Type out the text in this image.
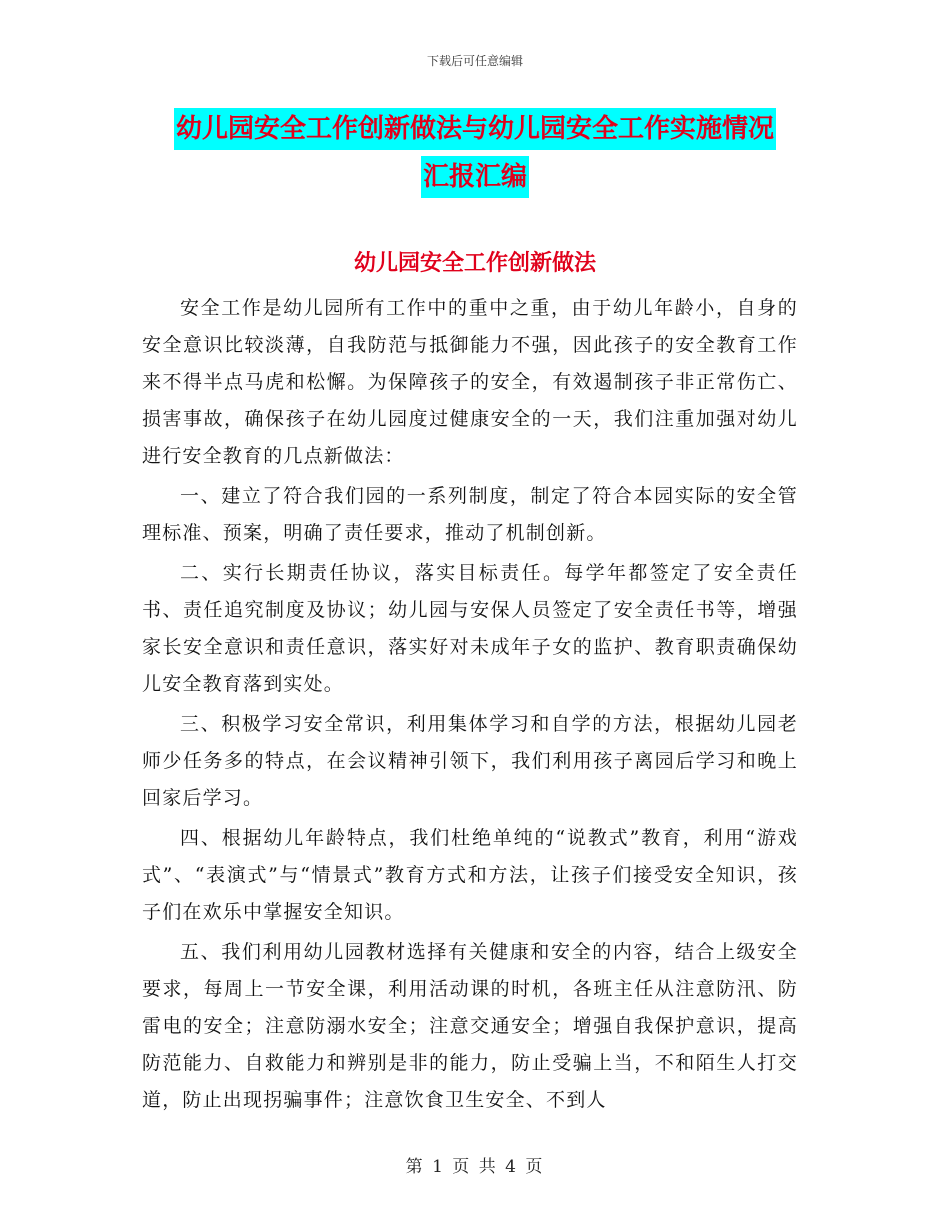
下载后可任意编辑
幼儿园安全工作创新做法与幼儿园安全工作实施情况
汇报汇编
幼儿园安全工作创新做法

安全工作是幼儿园所有工作中的重中之重，由于幼儿年龄小，自身的安全意识比较淡薄，自我防范与抵御能力不强，因此孩子的安全教育工作来不得半点马虎和松懈。为保障孩子的安全，有效遏制孩子非正常伤亡、损害事故，确保孩子在幼儿园度过健康安全的一天，我们注重加强对幼儿进行安全教育的几点新做法：

一、建立了符合我们园的一系列制度，制定了符合本园实际的安全管理标准、预案，明确了责任要求，推动了机制创新。

二、实行长期责任协议，落实目标责任。每学年都签定了安全责任书、责任追究制度及协议；幼儿园与安保人员签定了安全责任书等，增强家长安全意识和责任意识，落实好对未成年子女的监护、教育职责确保幼儿安全教育落到实处。

三、积极学习安全常识，利用集体学习和自学的方法，根据幼儿园老师少任务多的特点，在会议精神引领下，我们利用孩子离园后学习和晚上回家后学习。

四、根据幼儿年龄特点，我们杜绝单纯的“说教式”教育，利用“游戏式”、“表演式”与“情景式”教育方式和方法，让孩子们接受安全知识，孩子们在欢乐中掌握安全知识。

五、我们利用幼儿园教材选择有关健康和安全的内容，结合上级安全要求，每周上一节安全课，利用活动课的时机，各班主任从注意防汛、防雷电的安全；注意防溺水安全；注意交通安全；增强自我保护意识，提高防范能力、自救能力和辨别是非的能力，防止受骗上当，不和陌生人打交道，防止出现拐骗事件；注意饮食卫生安全、不到人

第 1 页 共 4 页
